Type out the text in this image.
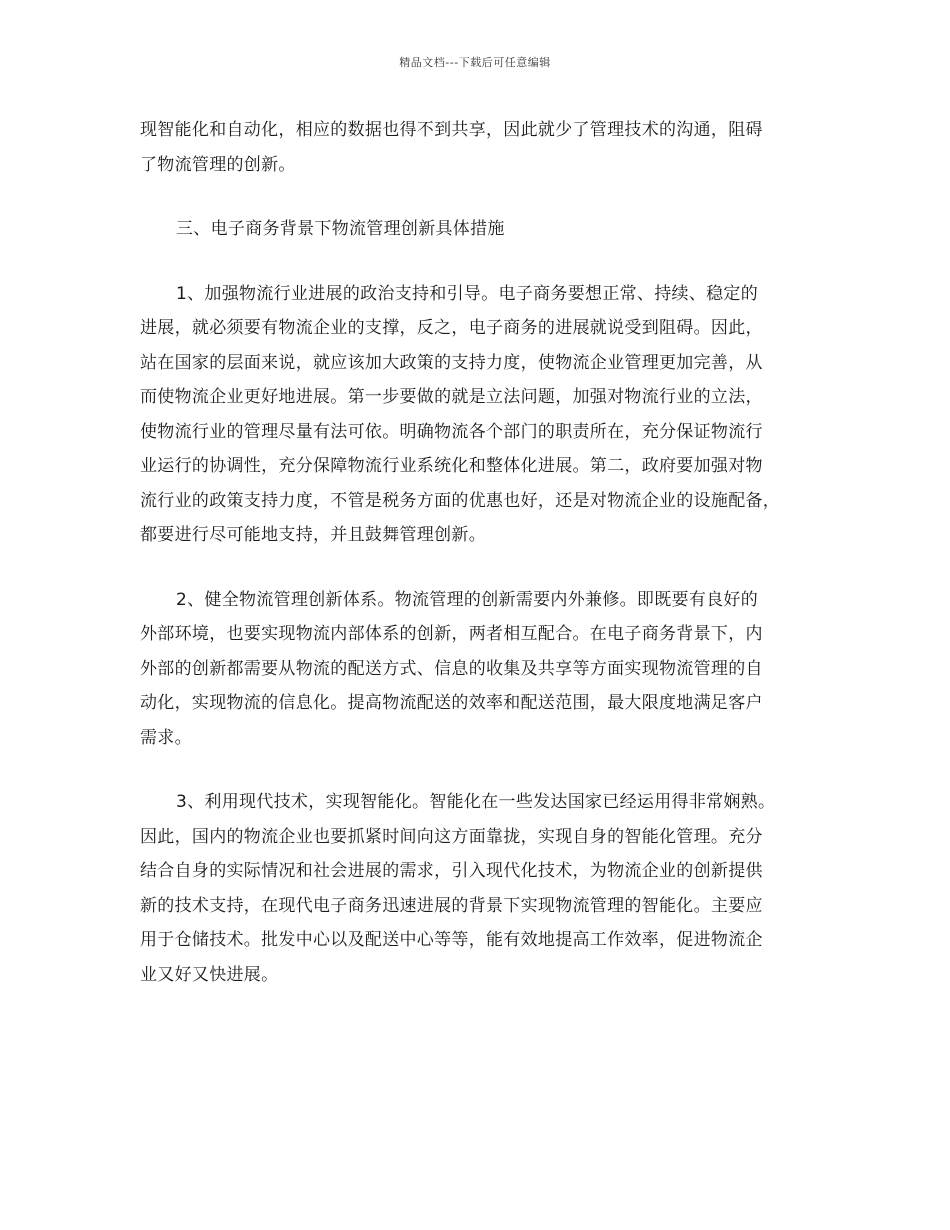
精品文档---下载后可任意编辑

现智能化和自动化，相应的数据也得不到共享，因此就少了管理技术的沟通，阻碍
了物流管理的创新。

三、电子商务背景下物流管理创新具体措施

1、加强物流行业进展的政治支持和引导。电子商务要想正常、持续、稳定的
进展，就必须要有物流企业的支撑，反之，电子商务的进展就说受到阻碍。因此，
站在国家的层面来说，就应该加大政策的支持力度，使物流企业管理更加完善，从
而使物流企业更好地进展。第一步要做的就是立法问题，加强对物流行业的立法，
使物流行业的管理尽量有法可依。明确物流各个部门的职责所在，充分保证物流行
业运行的协调性，充分保障物流行业系统化和整体化进展。第二，政府要加强对物
流行业的政策支持力度，不管是税务方面的优惠也好，还是对物流企业的设施配备，
都要进行尽可能地支持，并且鼓舞管理创新。

2、健全物流管理创新体系。物流管理的创新需要内外兼修。即既要有良好的
外部环境，也要实现物流内部体系的创新，两者相互配合。在电子商务背景下，内
外部的创新都需要从物流的配送方式、信息的收集及共享等方面实现物流管理的自
动化，实现物流的信息化。提高物流配送的效率和配送范围，最大限度地满足客户
需求。

3、利用现代技术，实现智能化。智能化在一些发达国家已经运用得非常娴熟。
因此，国内的物流企业也要抓紧时间向这方面靠拢，实现自身的智能化管理。充分
结合自身的实际情况和社会进展的需求，引入现代化技术，为物流企业的创新提供
新的技术支持，在现代电子商务迅速进展的背景下实现物流管理的智能化。主要应
用于仓储技术。批发中心以及配送中心等等，能有效地提高工作效率，促进物流企
业又好又快进展。
